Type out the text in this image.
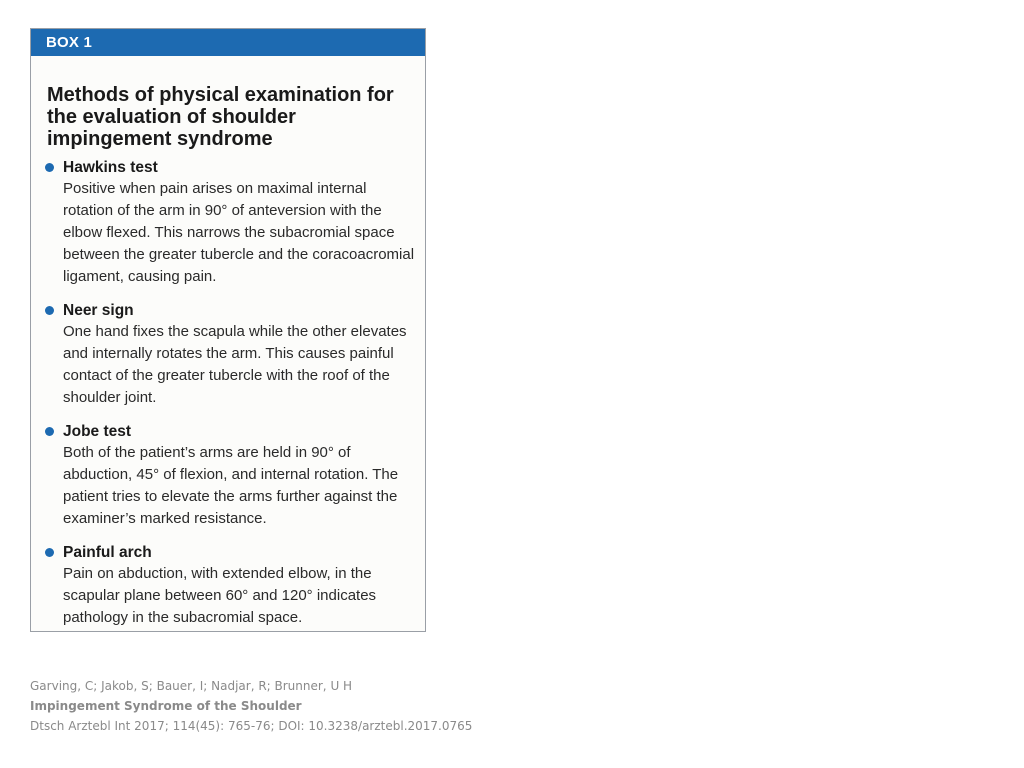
BOX 1
Methods of physical examination for the evaluation of shoulder impingement syndrome
Hawkins test
Positive when pain arises on maximal internal rotation of the arm in 90° of anteversion with the elbow flexed. This narrows the subacromial space between the greater tubercle and the coracoacromial ligament, causing pain.
Neer sign
One hand fixes the scapula while the other elevates and internally rotates the arm. This causes painful contact of the greater tubercle with the roof of the shoulder joint.
Jobe test
Both of the patient’s arms are held in 90° of abduction, 45° of flexion, and internal rotation. The patient tries to elevate the arms further against the examiner’s marked resistance.
Painful arch
Pain on abduction, with extended elbow, in the scapular plane between 60° and 120° indicates pathology in the subacromial space.
Garving, C; Jakob, S; Bauer, I; Nadjar, R; Brunner, U H
Impingement Syndrome of the Shoulder
Dtsch Arztebl Int 2017; 114(45): 765-76; DOI: 10.3238/arztebl.2017.0765
